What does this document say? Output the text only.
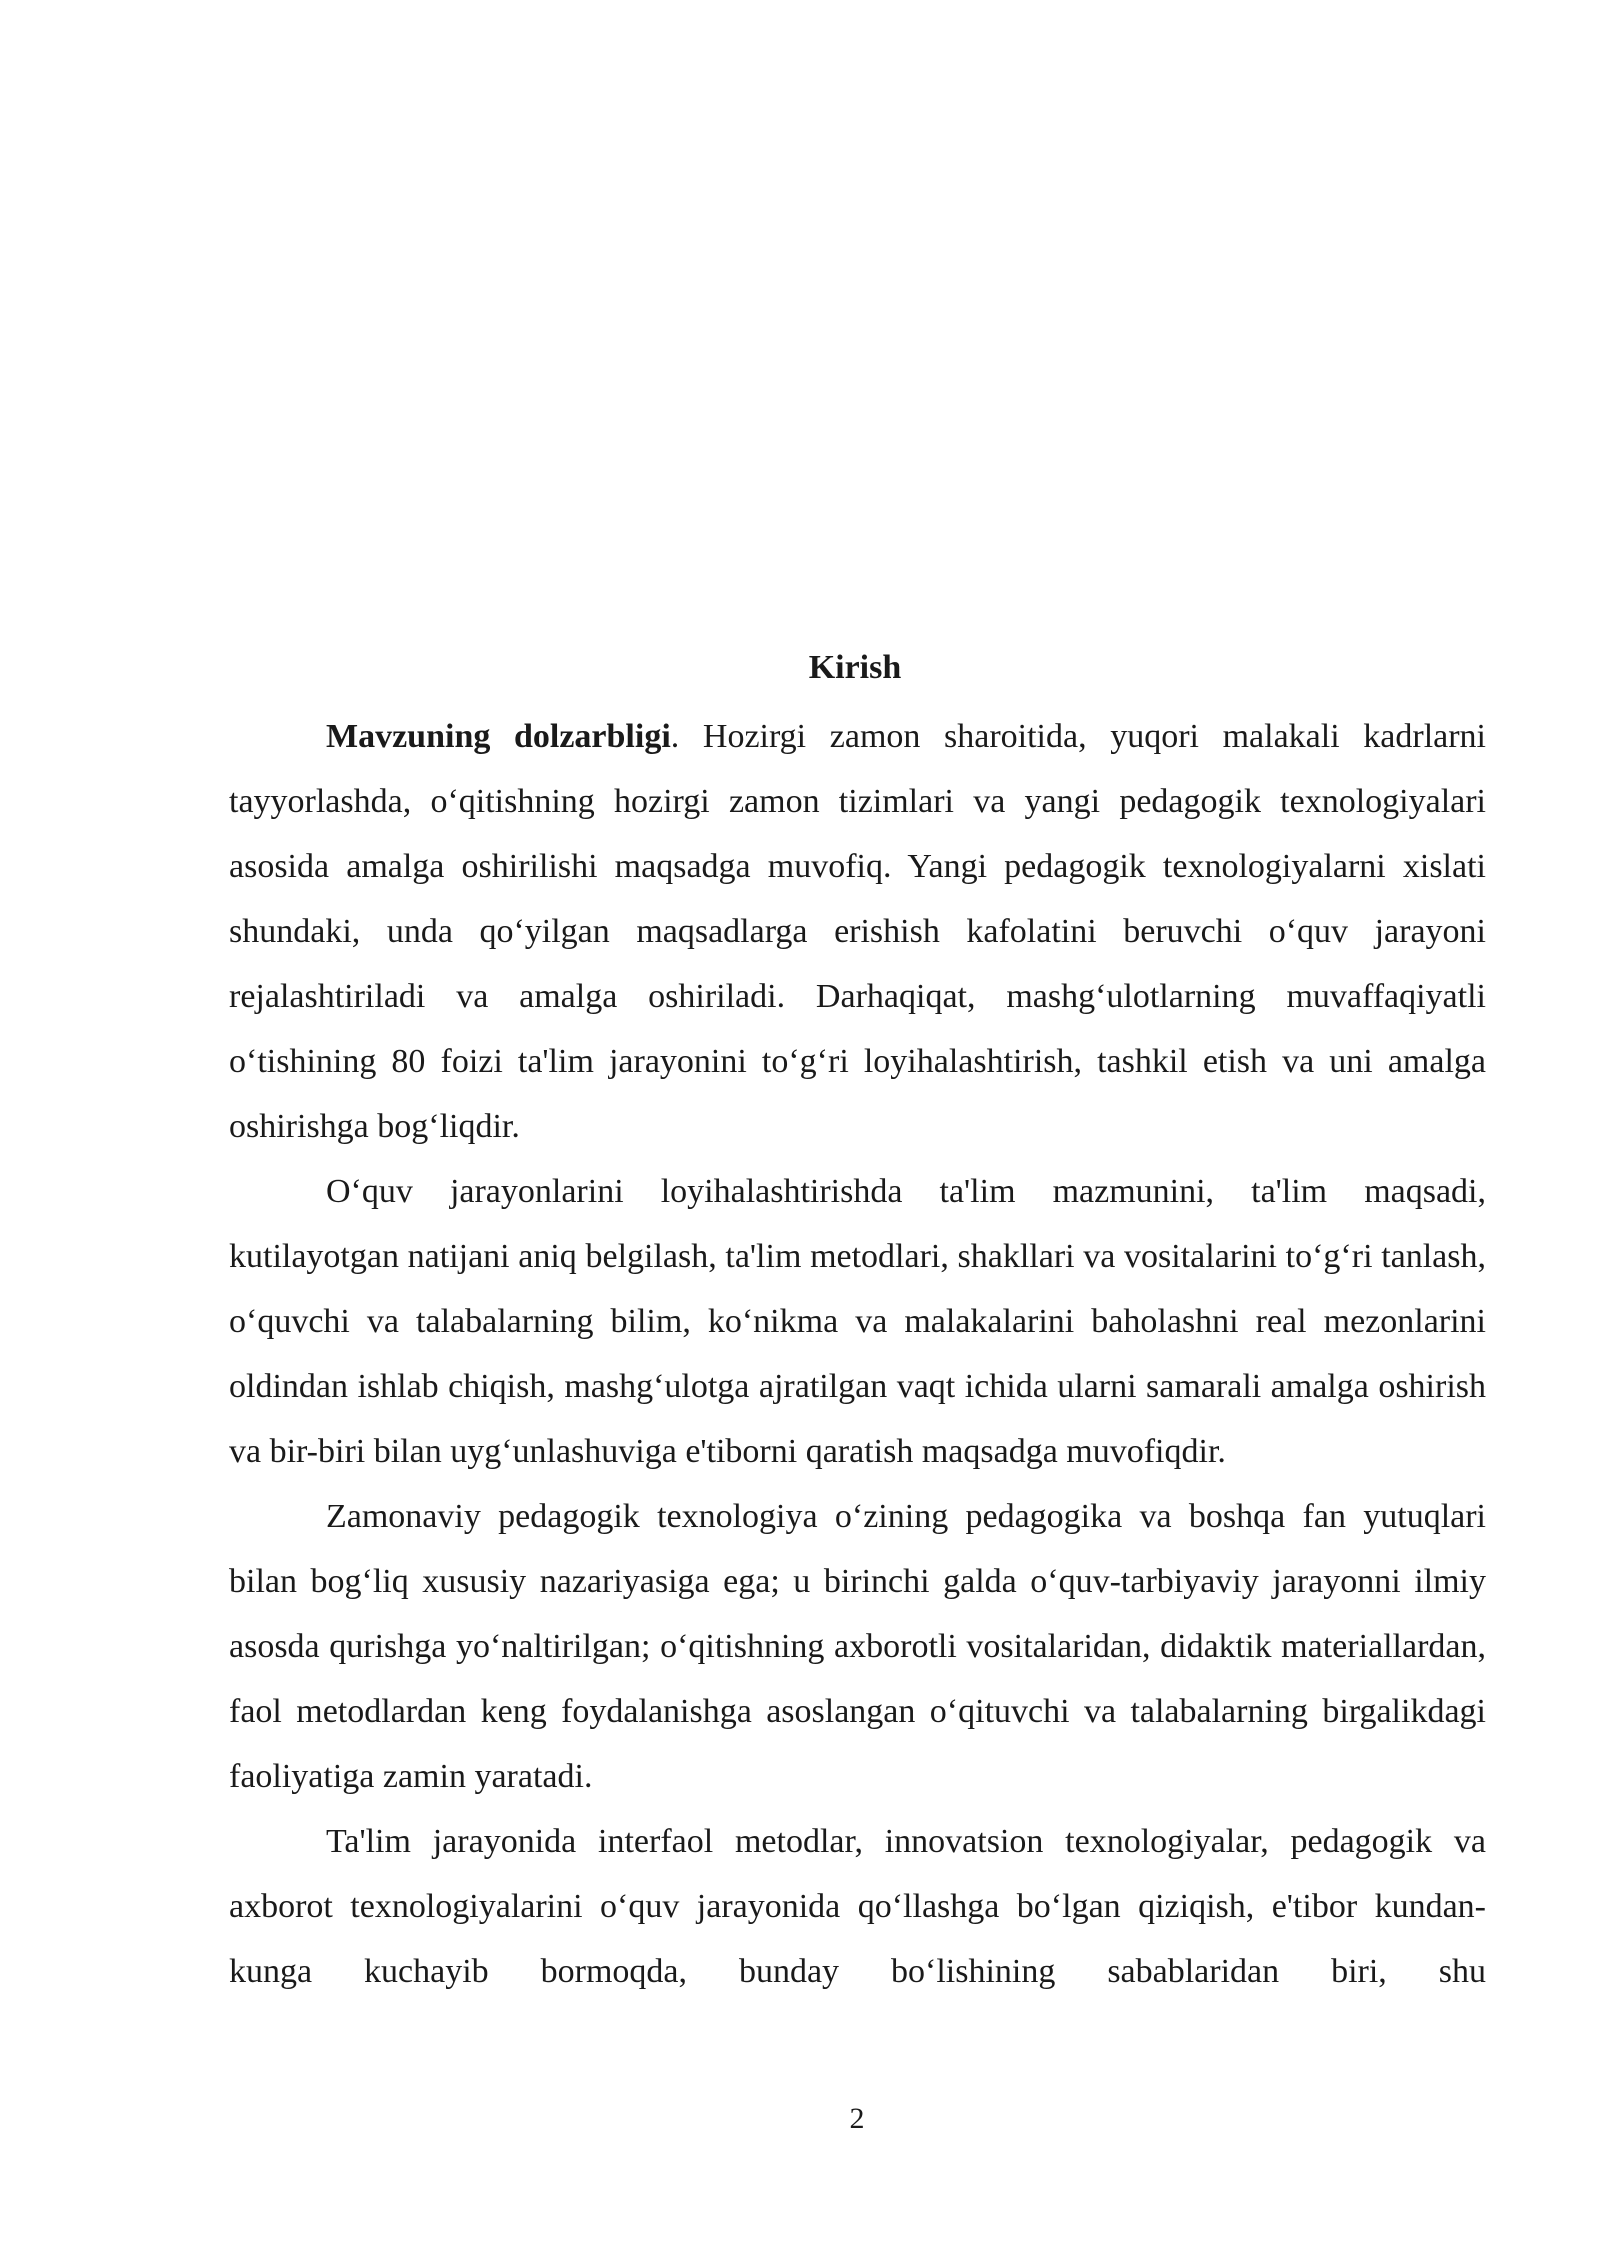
Kirish

Mavzuning dolzarbligi. Hozirgi zamon sharoitida, yuqori malakali kadrlarni tayyorlashda, oʻqitishning hozirgi zamon tizimlari va yangi pedagogik texnologiyalari asosida amalga oshirilishi maqsadga muvofiq. Yangi pedagogik texnologiyalarni xislati shundaki, unda qoʻyilgan maqsadlarga erishish kafolatini beruvchi oʻquv jarayoni rejalashtiriladi va amalga oshiriladi. Darhaqiqat, mashgʻulotlarning muvaffaqiyatli oʻtishining 80 foizi ta'lim jarayonini toʻgʻri loyihalashtirish, tashkil etish va uni amalga oshirishga bogʻliqdir.

Oʻquv jarayonlarini loyihalashtirishda ta'lim mazmunini, ta'lim maqsadi, kutilayotgan natijani aniq belgilash, ta'lim metodlari, shakllari va vositalarini toʻgʻri tanlash, oʻquvchi va talabalarning bilim, koʻnikma va malakalarini baholashni real mezonlarini oldindan ishlab chiqish, mashgʻulotga ajratilgan vaqt ichida ularni samarali amalga oshirish va bir-biri bilan uygʻunlashuviga e'tiborni qaratish maqsadga muvofiqdir.

Zamonaviy pedagogik texnologiya oʻzining pedagogika va boshqa fan yutuqlari bilan bogʻliq xususiy nazariyasiga ega; u birinchi galda oʻquv-tarbiyaviy jarayonni ilmiy asosda qurishga yoʻnaltirilgan; oʻqitishning axborotli vositalaridan, didaktik materiallardan, faol metodlardan keng foydalanishga asoslangan oʻqituvchi va talabalarning birgalikdagi faoliyatiga zamin yaratadi.

Ta'lim jarayonida interfaol metodlar, innovatsion texnologiyalar, pedagogik va axborot texnologiyalarini oʻquv jarayonida qoʻllashga boʻlgan qiziqish, e'tibor kundan-kunga kuchayib bormoqda, bunday boʻlishining sabablaridan biri, shu

2
